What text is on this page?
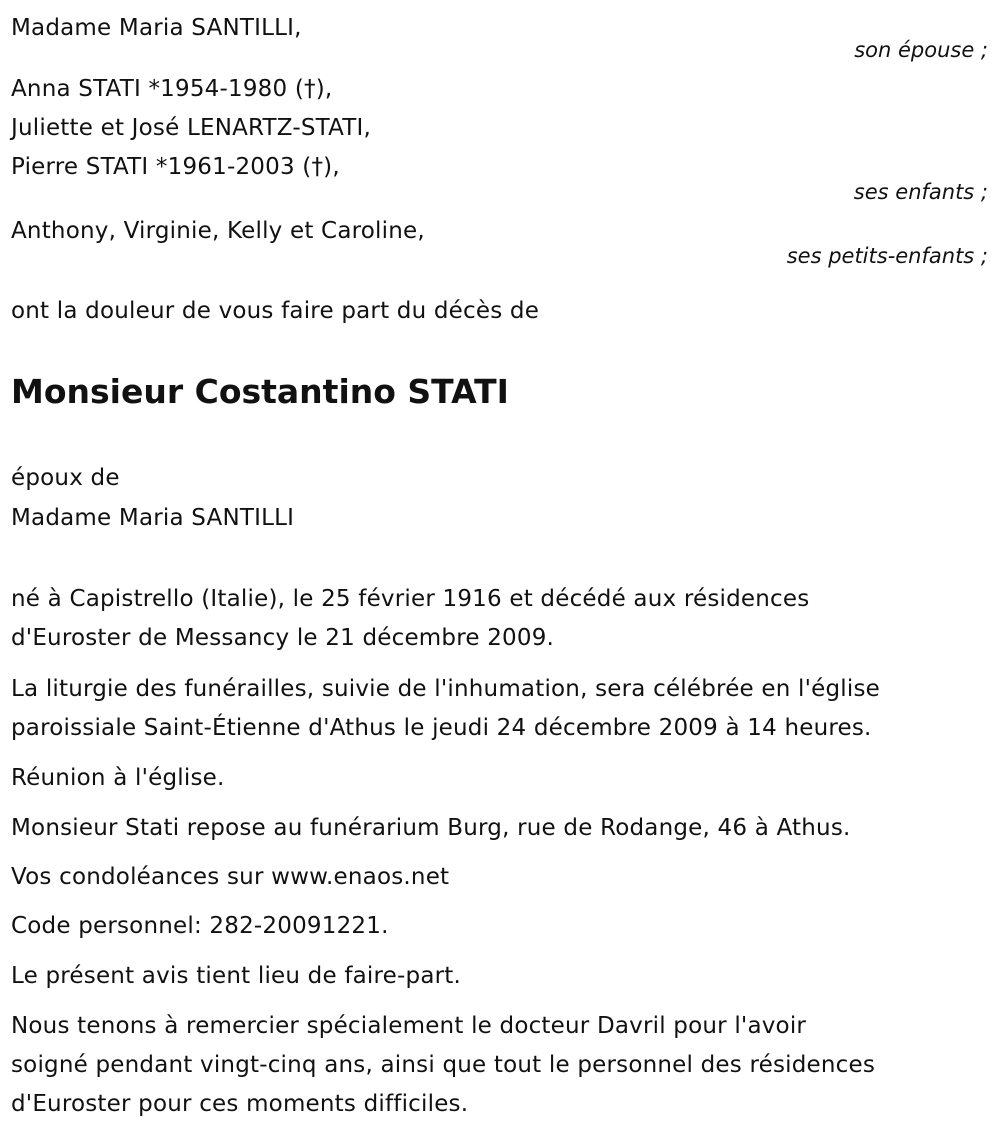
Madame Maria SANTILLI,
son épouse ;
Anna STATI *1954-1980 (†),
Juliette et José LENARTZ-STATI,
Pierre STATI *1961-2003 (†),
ses enfants ;
Anthony, Virginie, Kelly et Caroline,
ses petits-enfants ;
ont la douleur de vous faire part du décès de
Monsieur Costantino STATI
époux de
Madame Maria SANTILLI
né à Capistrello (Italie), le 25 février 1916 et décédé aux résidences
d'Euroster de Messancy le 21 décembre 2009.
La liturgie des funérailles, suivie de l'inhumation, sera célébrée en l'église
paroissiale Saint-Étienne d'Athus le jeudi 24 décembre 2009 à 14 heures.
Réunion à l'église.
Monsieur Stati repose au funérarium Burg, rue de Rodange, 46 à Athus.
Vos condoléances sur www.enaos.net
Code personnel: 282-20091221.
Le présent avis tient lieu de faire-part.
Nous tenons à remercier spécialement le docteur Davril pour l'avoir
soigné pendant vingt-cinq ans, ainsi que tout le personnel des résidences
d'Euroster pour ces moments difficiles.
